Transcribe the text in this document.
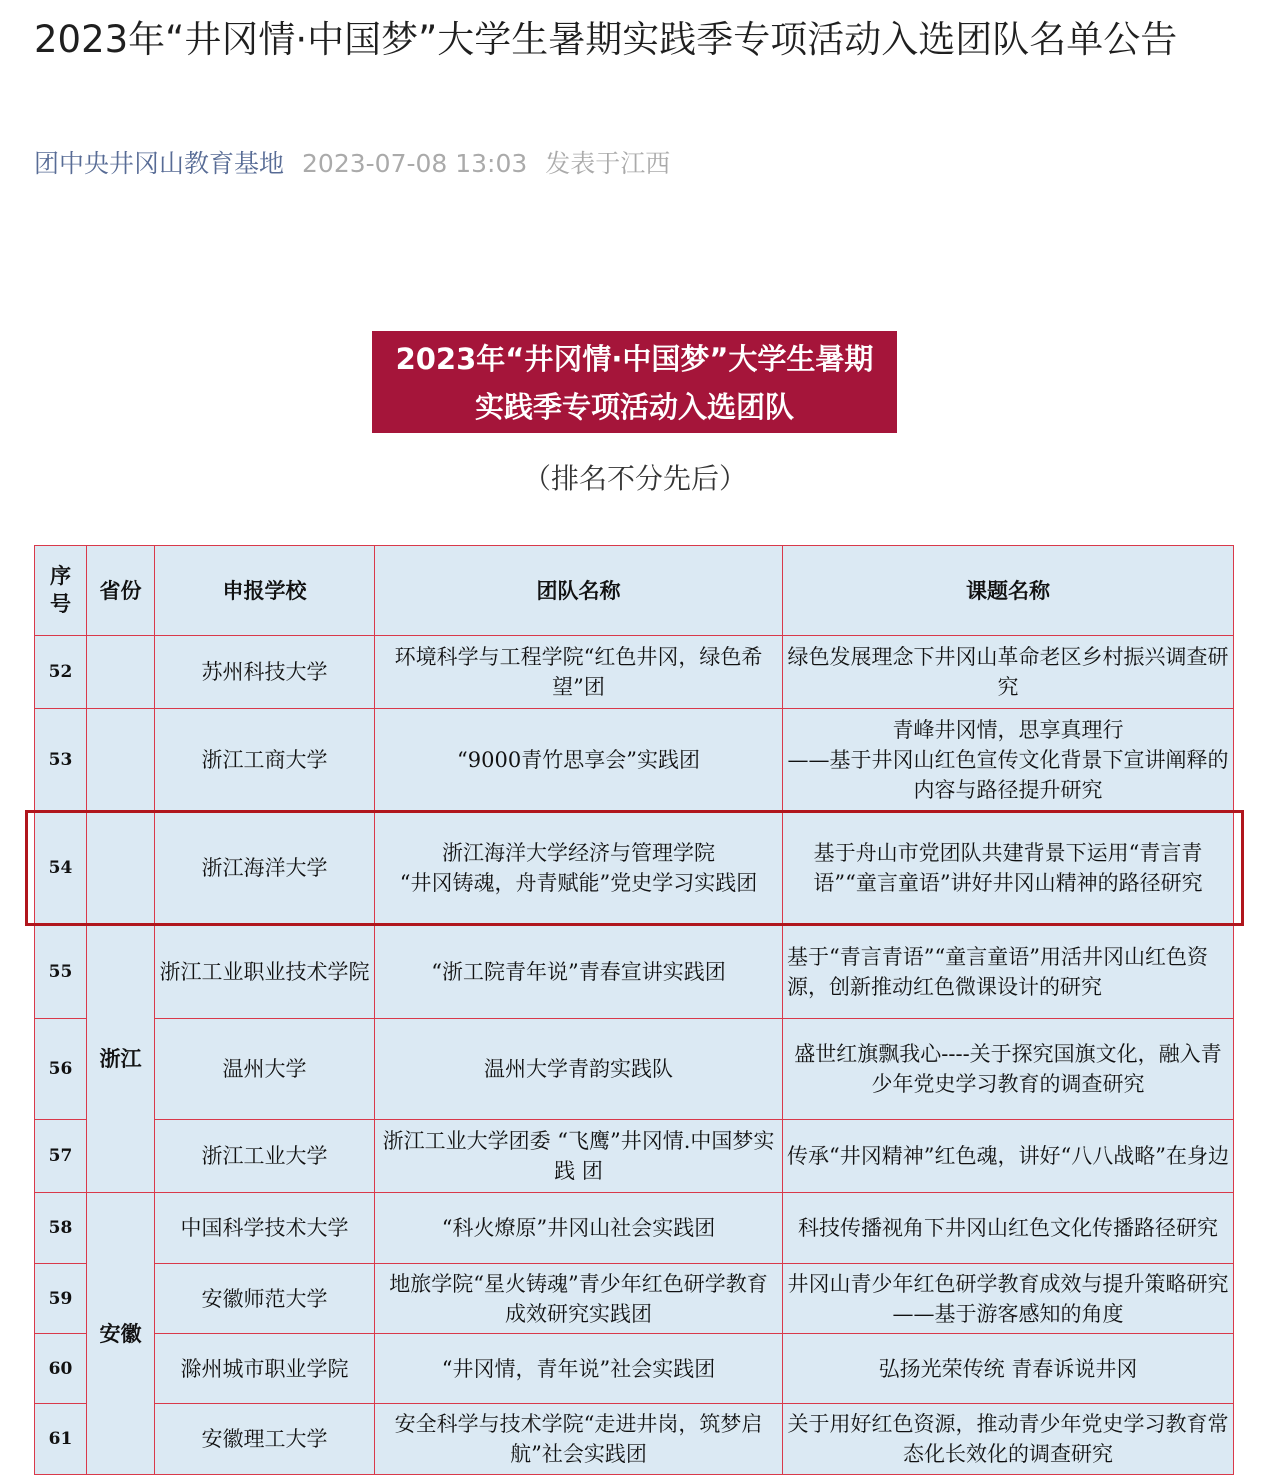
2023年“井冈情·中国梦”大学生暑期实践季专项活动入选团队名单公告
团中央井冈山教育基地 2023-07-08 13:03 发表于江西
2023年“井冈情·中国梦”大学生暑期
实践季专项活动入选团队
（排名不分先后）
序号	省份	申报学校	团队名称	课题名称
52		苏州科技大学	环境科学与工程学院“红色井冈，绿色希望”团	绿色发展理念下井冈山革命老区乡村振兴调查研究
53		浙江工商大学	“9000青竹思享会”实践团	青峰井冈情，思享真理行
——基于井冈山红色宣传文化背景下宣讲阐释的内容与路径提升研究

54		浙江海洋大学	浙江海洋大学经济与管理学院
“井冈铸魂，舟青赋能”党史学习实践团	基于舟山市党团队共建背景下运用“青言青语”“童言童语”讲好井冈山精神的路径研究
55	浙江	浙江工业职业技术学院	“浙工院青年说”青春宣讲实践团	基于“青言青语”“童言童语”用活井冈山红色资源，创新推动红色微课设计的研究
56		温州大学	温州大学青韵实践队	盛世红旗飘我心----关于探究国旗文化，融入青少年党史学习教育的调查研究
57		浙江工业大学	浙江工业大学团委 “飞鹰”井冈情.中国梦实践 团	传承“井冈精神”红色魂，讲好“八八战略”在身边
58	安徽	中国科学技术大学	“科火燎原”井冈山社会实践团	科技传播视角下井冈山红色文化传播路径研究
59		安徽师范大学	地旅学院“星火铸魂”青少年红色研学教育成效研究实践团	井冈山青少年红色研学教育成效与提升策略研究——基于游客感知的角度
60		滁州城市职业学院	“井冈情，青年说”社会实践团	弘扬光荣传统 青春诉说井冈
61		安徽理工大学	安全科学与技术学院“走进井岗，筑梦启航”社会实践团	关于用好红色资源，推动青少年党史学习教育常态化长效化的调查研究
